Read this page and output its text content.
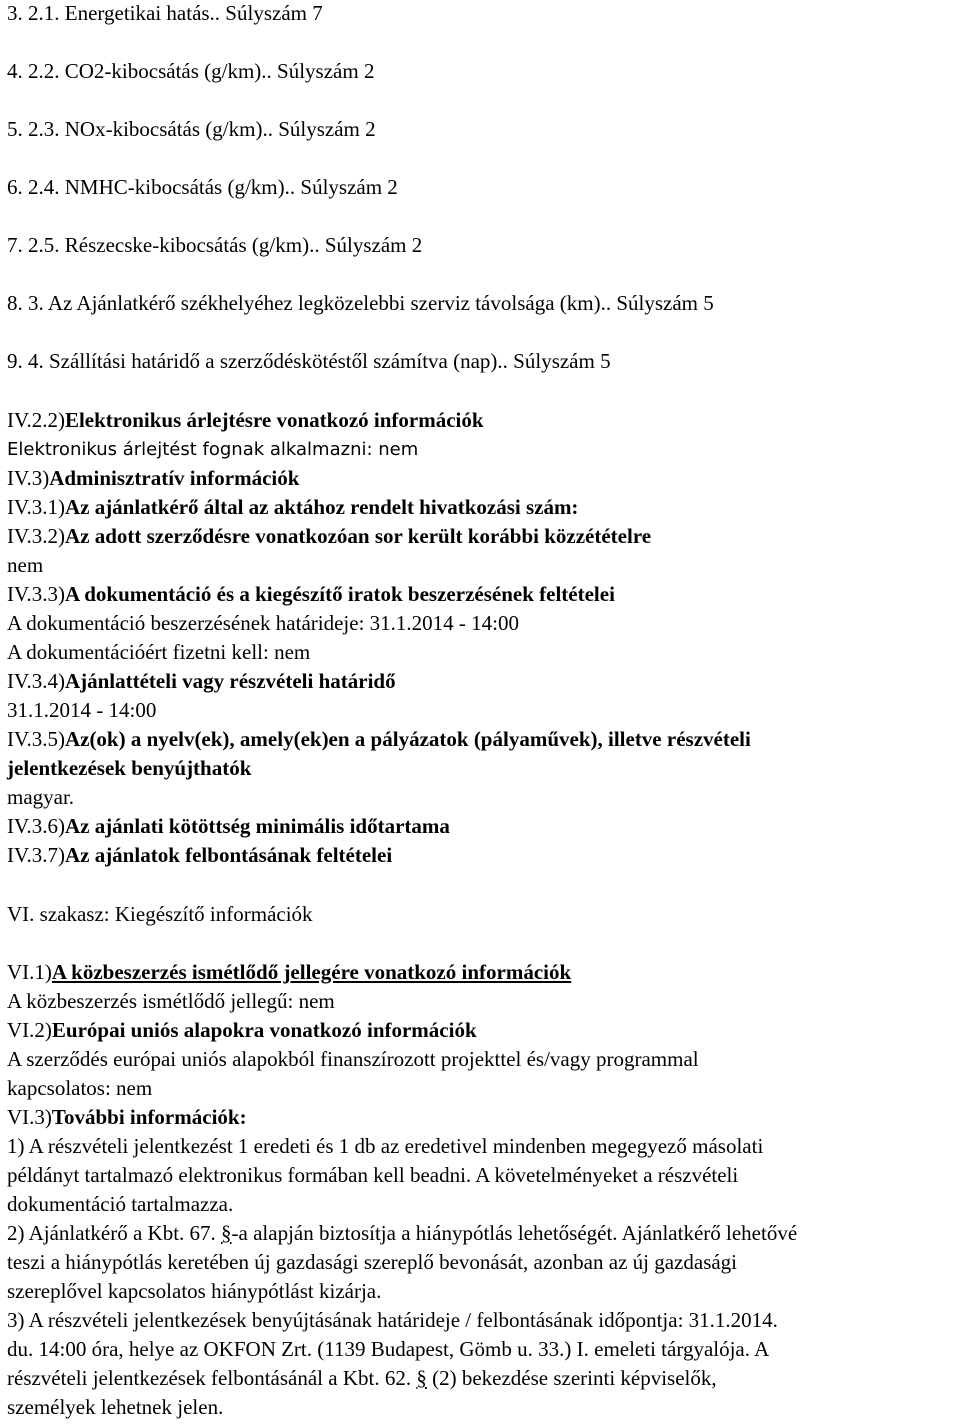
3. 2.1. Energetikai hatás.. Súlyszám 7
4. 2.2. CO2-kibocsátás (g/km).. Súlyszám 2
5. 2.3. NOx-kibocsátás (g/km).. Súlyszám 2
6. 2.4. NMHC-kibocsátás (g/km).. Súlyszám 2
7. 2.5. Részecske-kibocsátás (g/km).. Súlyszám 2
8. 3. Az Ajánlatkérő székhelyéhez legközelebbi szerviz távolsága (km).. Súlyszám 5
9. 4. Szállítási határidő a szerződéskötéstől számítva (nap).. Súlyszám 5
IV.2.2)Elektronikus árlejtésre vonatkozó információk
Elektronikus árlejtést fognak alkalmazni: nem
IV.3)Adminisztratív információk
IV.3.1)Az ajánlatkérő által az aktához rendelt hivatkozási szám:
IV.3.2)Az adott szerződésre vonatkozóan sor került korábbi közzétételre
nem
IV.3.3)A dokumentáció és a kiegészítő iratok beszerzésének feltételei
A dokumentáció beszerzésének határideje: 31.1.2014 - 14:00
A dokumentációért fizetni kell: nem
IV.3.4)Ajánlattételi vagy részvételi határidő
31.1.2014 - 14:00
IV.3.5)Az(ok) a nyelv(ek), amely(ek)en a pályázatok (pályaművek), illetve részvételi
jelentkezések benyújthatók
magyar.
IV.3.6)Az ajánlati kötöttség minimális időtartama
IV.3.7)Az ajánlatok felbontásának feltételei
VI. szakasz: Kiegészítő információk
VI.1)A közbeszerzés ismétlődő jellegére vonatkozó információk
A közbeszerzés ismétlődő jellegű: nem
VI.2)Európai uniós alapokra vonatkozó információk
A szerződés európai uniós alapokból finanszírozott projekttel és/vagy programmal
kapcsolatos: nem
VI.3)További információk:
1) A részvételi jelentkezést 1 eredeti és 1 db az eredetivel mindenben megegyező másolati
példányt tartalmazó elektronikus formában kell beadni. A követelményeket a részvételi
dokumentáció tartalmazza.
2) Ajánlatkérő a Kbt. 67. §-a alapján biztosítja a hiánypótlás lehetőségét. Ajánlatkérő lehetővé
teszi a hiánypótlás keretében új gazdasági szereplő bevonását, azonban az új gazdasági
szereplővel kapcsolatos hiánypótlást kizárja.
3) A részvételi jelentkezések benyújtásának határideje / felbontásának időpontja: 31.1.2014.
du. 14:00 óra, helye az OKFON Zrt. (1139 Budapest, Gömb u. 33.) I. emeleti tárgyalója. A
részvételi jelentkezések felbontásánál a Kbt. 62. § (2) bekezdése szerinti képviselők,
személyek lehetnek jelen.
